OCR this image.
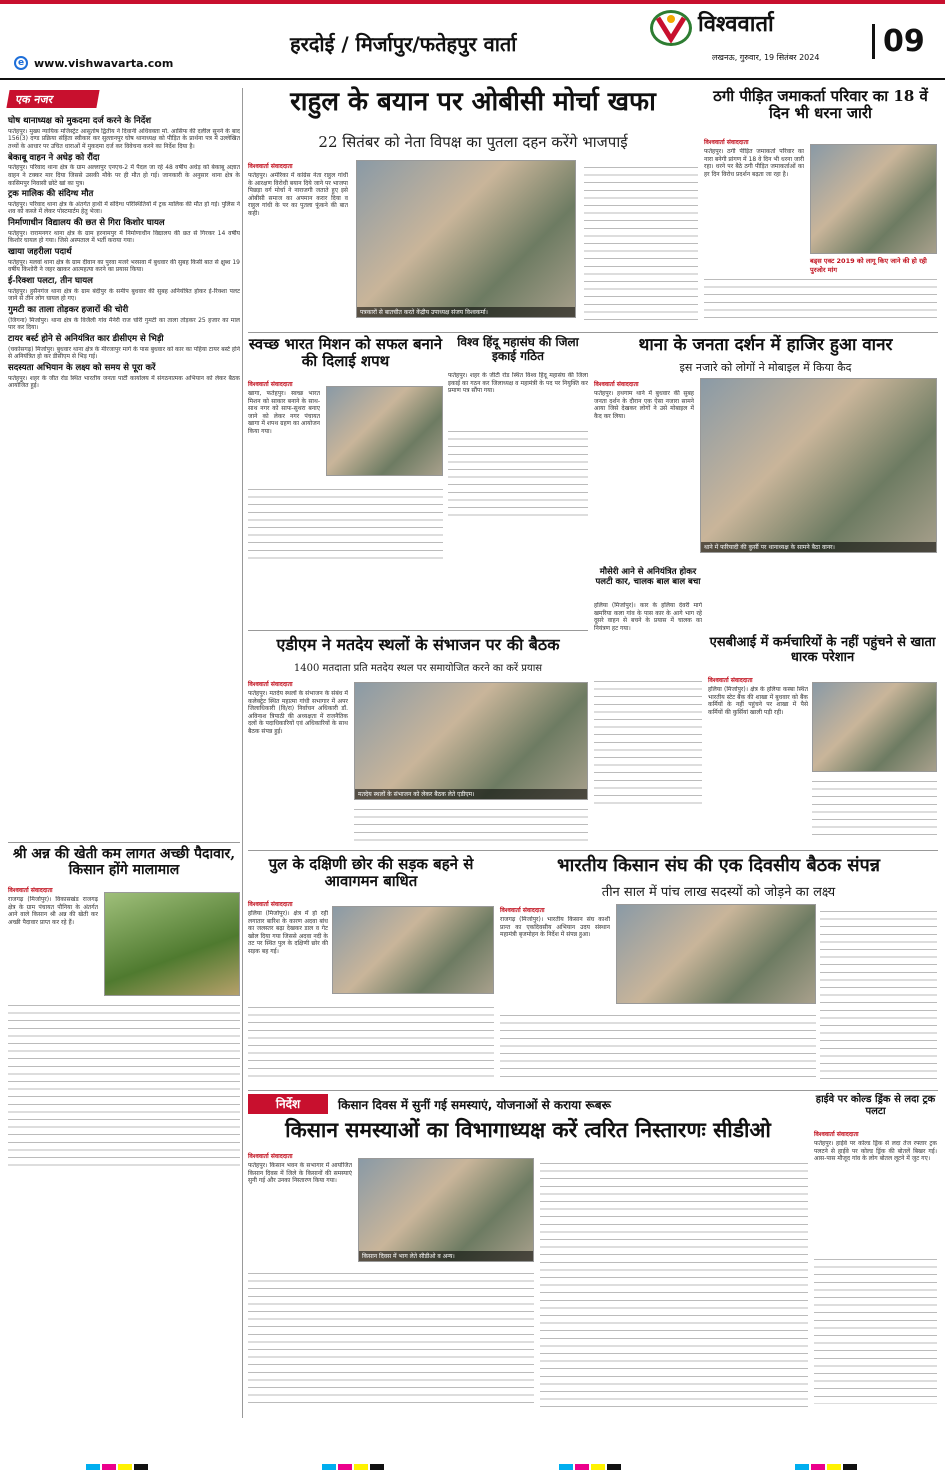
हरदोई / मिर्जापुर/फतेहपुर वार्ता
विश्ववार्ता
लखनऊ, गुरुवार, 19 सितंबर 2024	09
e www.vishwavarta.com
एक नजर
घोष थानाध्यक्ष को मुकदमा दर्ज करने के निर्देश
फतेहपुर। मुख्य न्यायिक मजिस्ट्रेट आसुतोष द्वितीय ने दिवानी अधिवक्ता मो. आसिफ की दलील सुनने के बाद 156(3) दण्ड प्रक्रिया संहिता स्वीकार कर सुल्तानपुर घोष थानाध्यक्ष को पीड़ित के प्रार्थना पत्र में उल्लेखित तथ्यों के आधार पर उचित धाराओं में मुकदमा दर्ज कर विवेचना करने का निर्देश दिया है।
बेकाबू वाहन ने अधेड़ को रौंदा
फतेहपुर। परिवाद थाना क्षेत्र के ग्राम अल्लापुर एनएच-2 में पैदल जा रहे 48 वर्षीय अधेड़ को बेकाबू अज्ञात वाहन ने टक्कर मार दिया जिससे उसकी मौके पर ही मौत हो गई। जानकारी के अनुसार थाना क्षेत्र के कासिमपुर निवासी छोटे खां का पुत्र।
ट्रक मालिक की संदिग्ध मौत
फतेहपुर। परिवाद थाना क्षेत्र के अंतर्गत हाथी में संदिग्ध परिस्थितियों में ट्रक मालिक की मौत हो गई। पुलिस ने शव को कब्जे में लेकर पोस्टमार्टम हेतु भेजा।
निर्माणाधीन विद्यालय की छत से गिरा किशोर घायल
फतेहपुर। रारामनगर थाना क्षेत्र के ग्राम हरनामपुर में निर्माणाधीन विद्यालय की छत से गिरकर 14 वर्षीय किशोर घायल हो गया। जिसे अस्पताल में भर्ती कराया गया।
खाया जहरीला पदार्थ
फतेहपुर। मलवां थाना क्षेत्र के ग्राम दीवान का पुरवा मजरे भरसवा में बुधवार की सुबह किसी बात से क्षुब्ध 19 वर्षीय किशोरी ने जहर खाकर आत्महत्या करने का प्रयास किया।
ई-रिक्शा पलटा, तीन घायल
फतेहपुर। हुसैनगंज थाना क्षेत्र के ग्राम बंदीपुर के समीप बुधवार की सुबह अनियंत्रित होकर ई-रिक्शा पलट जाने से तीन लोग घायल हो गए।
गुमटी का ताला तोड़कर हजारों की चोरी
(जिगना) मिर्जापुर। थाना क्षेत्र के विजैली गांव मैनेरी राज चोरी गुमटी का ताला तोड़कर 25 हजार का माल पार कर दिया।
टायर बर्स्ट होने से अनियंत्रित कार डीसीएम से भिड़ी
(चकोसगढ़) मिर्जापुर। बुधवार थाना क्षेत्र के मीरजापुर मार्ग के पास बुधवार को कार का पहिया टायर बर्स्ट होने से अनियंत्रित हो कर डीसीएम से भिड़ गई।
सदस्यता अभियान के लक्ष्य को समय से पूरा करें
फतेहपुर। शहर के जीत रोड स्थित भारतीय जनता पार्टी कार्यालय में संगठनात्मक अभियान को लेकर बैठक आयोजित हुई।
राहुल के बयान पर ओबीसी मोर्चा खफा
22 सितंबर को नेता विपक्ष का पुतला दहन करेंगे भाजपाई
विश्ववार्ता संवाददाता
फतेहपुर। अमेरिका में कांग्रेस नेता राहुल गांधी के आरक्षण विरोधी बयान दिये जाने पर भाजपा पिछड़ा वर्ग मोर्चा ने नाराजगी जताते हुए इसे ओबीसी समाज का अपमान करार दिया व राहुल गांधी के पर का पुतला फूंकने की बात कही।
पत्रकारों से बातचीत करते केंद्रीय उपाध्यक्ष संजय विश्वकर्मा।
ठगी पीड़ित जमाकर्ता परिवार का 18 वें दिन भी धरना जारी
विश्ववार्ता संवाददाता
फतेहपुर। ठगी पीड़ित जमाकर्ता परिवार का नारा बनेगी प्रांगण में 18 वे दिन भी धरना जारी रहा। धरने पर बैठे ठगी पीड़ित जमाकर्ताओं का हर दिन विरोध प्रदर्शन बढ़ता जा रहा है।
बड्स एक्ट 2019 को लागू किए जाने की हो रही पुरजोर मांग
स्वच्छ भारत मिशन को सफल बनाने की दिलाई शपथ
विश्ववार्ता संवाददाता
खागा, फतेहपुर। स्वच्छ भारत मिशन को साकार बनाने के साथ-साथ नगर को साफ-सुथरा बनाए जाने को लेकर नगर पंचायत खागा में शपथ ग्रहण का आयोजन किया गया।
विश्व हिंदू महासंघ की जिला इकाई गठित
फतेहपुर। शहर के जीटी रोड स्थित विश्व हिंदू महासंघ की जिला इकाई का गठन कर जिलाध्यक्ष व महामंत्री के पद पर नियुक्ति कर प्रमाण पत्र सौंपा गया।
थाना के जनता दर्शन में हाजिर हुआ वानर
इस नजारे को लोगों ने मोबाइल में किया कैद
विश्ववार्ता संवाददाता
फतेहपुर। हथगाम थाने में बुधवार की सुबह जनता दर्शन के दौरान एक ऐसा नजारा सामने आया जिसे देखकर लोगों ने उसे मोबाइल में कैद कर लिया।
थाने में फरियादी की कुर्सी पर थानाध्यक्ष के सामने बैठा वानर।
मौसेरी आने से अनियंत्रित होकर पलटी कार, चालक बाल बाल बचा
हलिया (मिर्जापुर)। कार के हलिया देवरी मार्ग खमरिया कला गांव के पास कार के आगे भाग रहे दूसरे वाहन से बचने के प्रयास में चालक का नियंत्रण हट गया।
एडीएम ने मतदेय स्थलों के संभाजन पर की बैठक
1400 मतदाता प्रति मतदेय स्थल पर समायोजित करने का करें प्रयास
विश्ववार्ता संवाददाता
फतेहपुर। मतदेय स्थलों के संभाजन के संबंध में कलेक्ट्रेट स्थित महात्मा गांधी सभागार में अपर जिलाधिकारी (वि/रा) निर्वाचन अधिकारी डॉ. अविनाश त्रिपाठी की अध्यक्षता में राजनैतिक दलों के पदाधिकारियों एवं अधिकारियों के साथ बैठक संपन्न हुई।
मतदेय स्थलों के संभाजन को लेकर बैठक लेते एडीएम।
एसबीआई में कर्मचारियों के नहीं पहुंचने से खाता धारक परेशान
विश्ववार्ता संवाददाता
हलिया (मिर्जापुर)। क्षेत्र के हलिया कस्बा स्थित भारतीय स्टेट बैंक की शाखा में बुधवार को बैंक कर्मियों के नहीं पहुंचने पर शाखा में पैसे कर्मियों की कुर्सियां खाली पड़ी रही।
पुल के दक्षिणी छोर की सड़क बहने से आवागमन बाधित
विश्ववार्ता संवाददाता
हलिया (मिर्जापुर)। क्षेत्र में हो रही लगातार बारिश के कारण अदवा बांध का जलस्तर बढ़ा देखकर डाल व गेट खोल दिया गया जिससे अदवा नदी के तट पर स्थित पुल के दक्षिणी छोर की सड़क बह गई।
भारतीय किसान संघ की एक दिवसीय बैठक संपन्न
तीन साल में पांच लाख सदस्यों को जोड़ने का लक्ष्य
विश्ववार्ता संवाददाता
राजगढ़ (मिर्जापुर)। भारतीय किसान संघ काशी प्रान्त का एकदिवसीय अभियान उदय संस्थान महामंत्री बृजमोहन के निर्देश में संपन्न हुआ।
श्री अन्न की खेती कम लागत अच्छी पैदावार, किसान होंगे मालामाल
विश्ववार्ता संवाददाता
राजगढ़ (मिर्जापुर)। विकासखंड राजगढ़ क्षेत्र के ग्राम पंचायत पौनिया के अंतर्गत आने वाले किसान श्री अन्न की खेती कर अच्छी पैदावार प्राप्त कर रहे हैं।
निर्देश	किसान दिवस में सुनीं गई समस्याएं, योजनाओं से कराया रूबरू
किसान समस्याओं का विभागाध्यक्ष करें त्वरित निस्तारणः सीडीओ
विश्ववार्ता संवाददाता
फतेहपुर। किसान भवन के सभागार में आयोजित किसान दिवस में जिले के किसानों की समस्याएं सुनी गई और उनका निस्तारण किया गया।
किसान दिवस में भाग लेते सीडीओ व अन्य।
हाईवे पर कोल्ड ड्रिंक से लदा ट्रक पलटा
विश्ववार्ता संवाददाता
फतेहपुर। हाईवे पर कोल्ड ड्रिंक से लदा तेज रफ्तार ट्रक पलटने से हाईवे पर कोल्ड ड्रिंक की बोतलें बिखर गई। आस-पास मौजूद गांव के लोग बोतल लूटने में जुट गए।
